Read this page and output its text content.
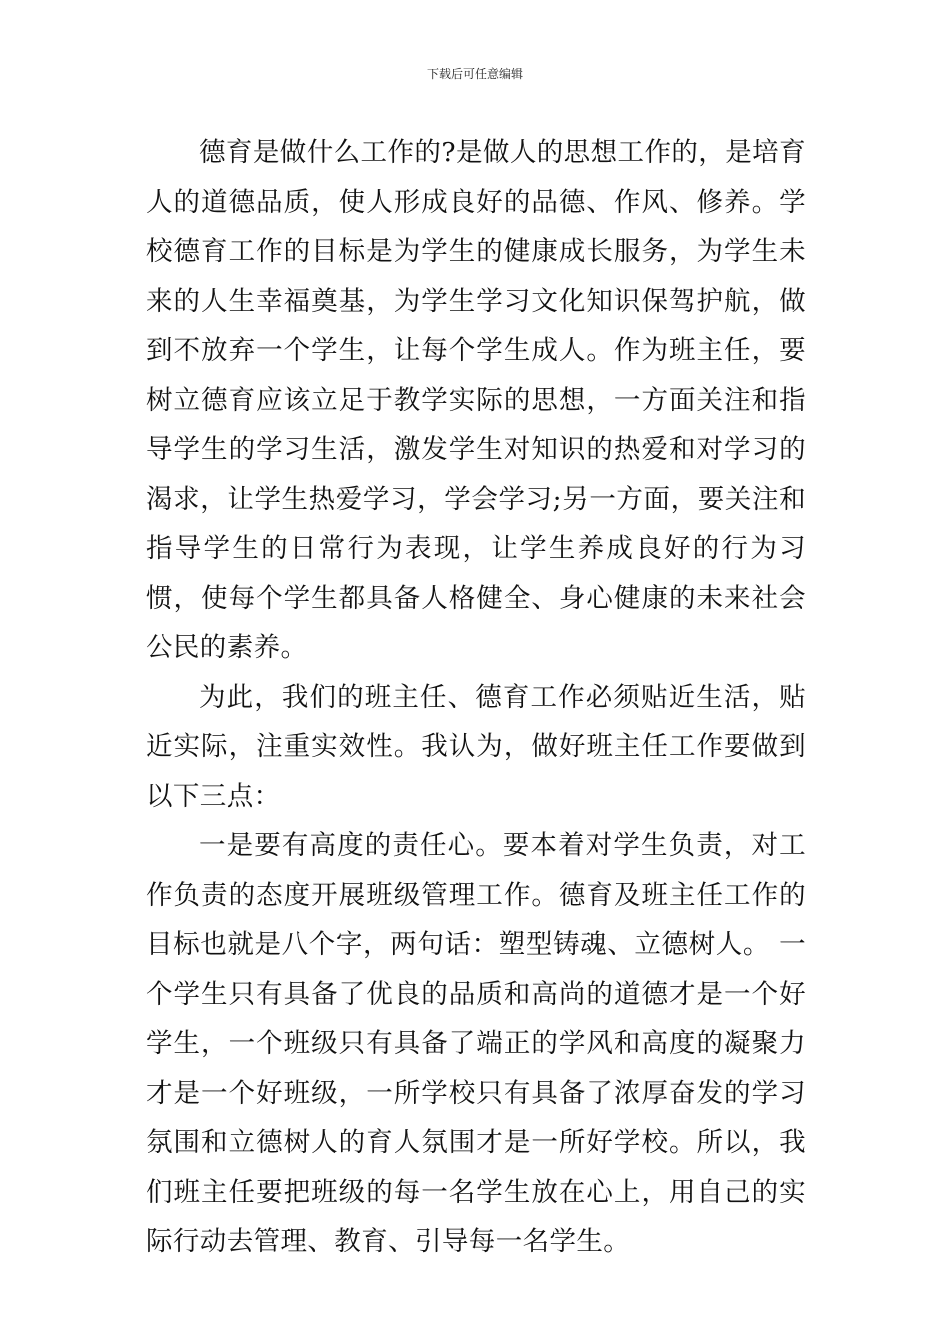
下载后可任意编辑

德育是做什么工作的?是做人的思想工作的，是培育人的道德品质，使人形成良好的品德、作风、修养。学校德育工作的目标是为学生的健康成长服务，为学生未来的人生幸福奠基，为学生学习文化知识保驾护航，做到不放弃一个学生，让每个学生成人。作为班主任，要树立德育应该立足于教学实际的思想，一方面关注和指导学生的学习生活，激发学生对知识的热爱和对学习的渴求，让学生热爱学习，学会学习;另一方面，要关注和指导学生的日常行为表现，让学生养成良好的行为习惯，使每个学生都具备人格健全、身心健康的未来社会公民的素养。

为此，我们的班主任、德育工作必须贴近生活，贴近实际，注重实效性。我认为，做好班主任工作要做到以下三点：

一是要有高度的责任心。要本着对学生负责，对工作负责的态度开展班级管理工作。德育及班主任工作的目标也就是八个字，两句话：塑型铸魂、立德树人。 一个学生只有具备了优良的品质和高尚的道德才是一个好学生，一个班级只有具备了端正的学风和高度的凝聚力才是一个好班级，一所学校只有具备了浓厚奋发的学习氛围和立德树人的育人氛围才是一所好学校。所以，我们班主任要把班级的每一名学生放在心上，用自己的实际行动去管理、教育、引导每一名学生。
